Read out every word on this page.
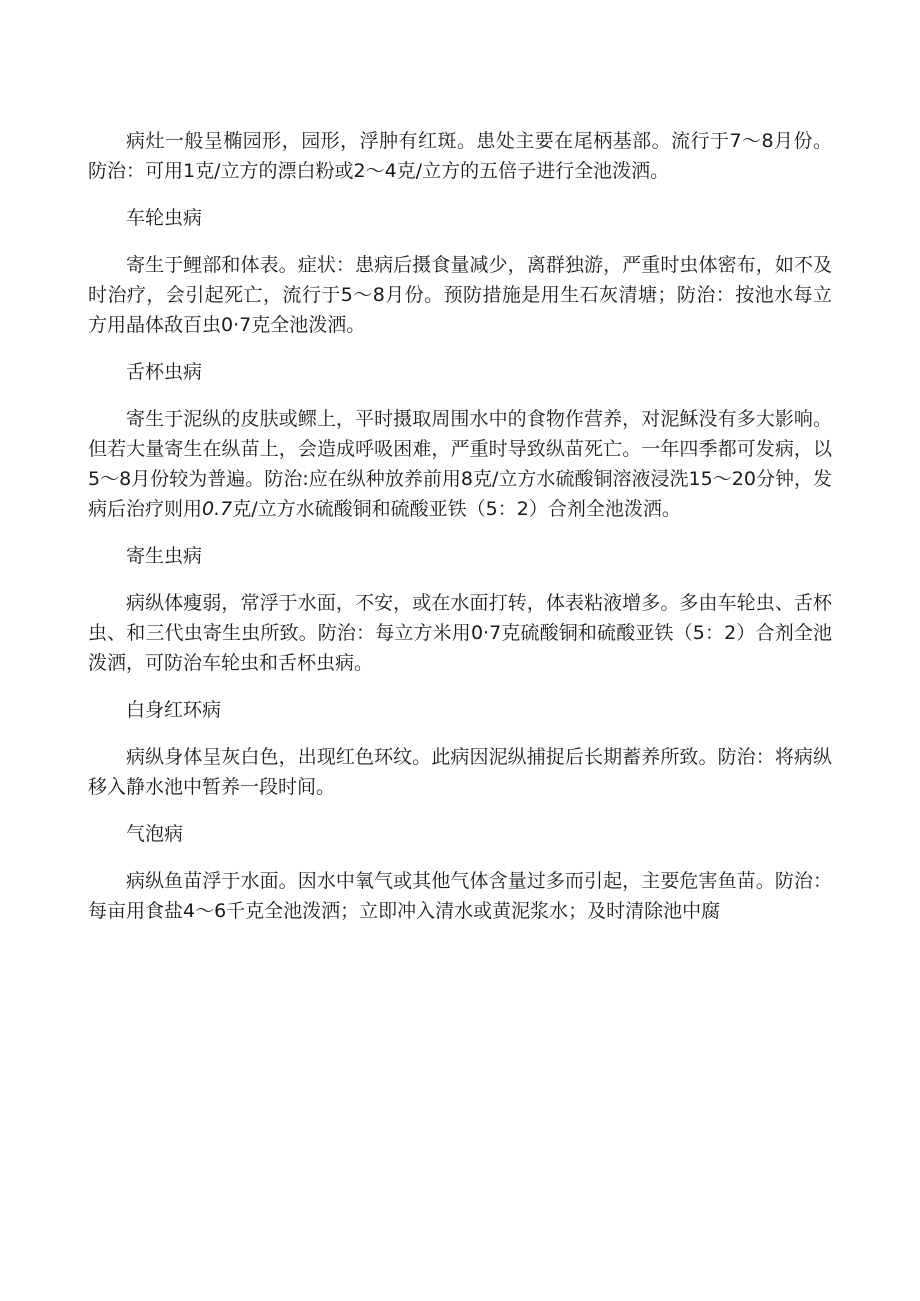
病灶一般呈椭园形，园形，浮肿有红斑。患处主要在尾柄基部。流行于7～8月份。防治：可用1克/立方的漂白粉或2～4克/立方的五倍子进行全池泼洒。

车轮虫病

寄生于鲤部和体表。症状：患病后摄食量减少，离群独游，严重时虫体密布，如不及时治疗，会引起死亡，流行于5～8月份。预防措施是用生石灰清塘；防治：按池水每立方用晶体敌百虫0·7克全池泼洒。

舌杯虫病

寄生于泥纵的皮肤或鳏上，平时摄取周围水中的食物作营养，对泥稣没有多大影响。但若大量寄生在纵苗上，会造成呼吸困难，严重时导致纵苗死亡。一年四季都可发病，以5～8月份较为普遍。防治:应在纵种放养前用8克/立方水硫酸铜溶液浸洗15～20分钟，发病后治疗则用0.7克/立方水硫酸铜和硫酸亚铁（5：2）合剂全池泼洒。

寄生虫病

病纵体瘦弱，常浮于水面，不安，或在水面打转，体表粘液增多。多由车轮虫、舌杯虫、和三代虫寄生虫所致。防治：每立方米用0·7克硫酸铜和硫酸亚铁（5：2）合剂全池泼洒，可防治车轮虫和舌杯虫病。

白身红环病

病纵身体呈灰白色，出现红色环纹。此病因泥纵捕捉后长期蓄养所致。防治：将病纵移入静水池中暂养一段时间。

气泡病

病纵鱼苗浮于水面。因水中氧气或其他气体含量过多而引起，主要危害鱼苗。防治：每亩用食盐4～6千克全池泼洒；立即冲入清水或黄泥浆水；及时清除池中腐
